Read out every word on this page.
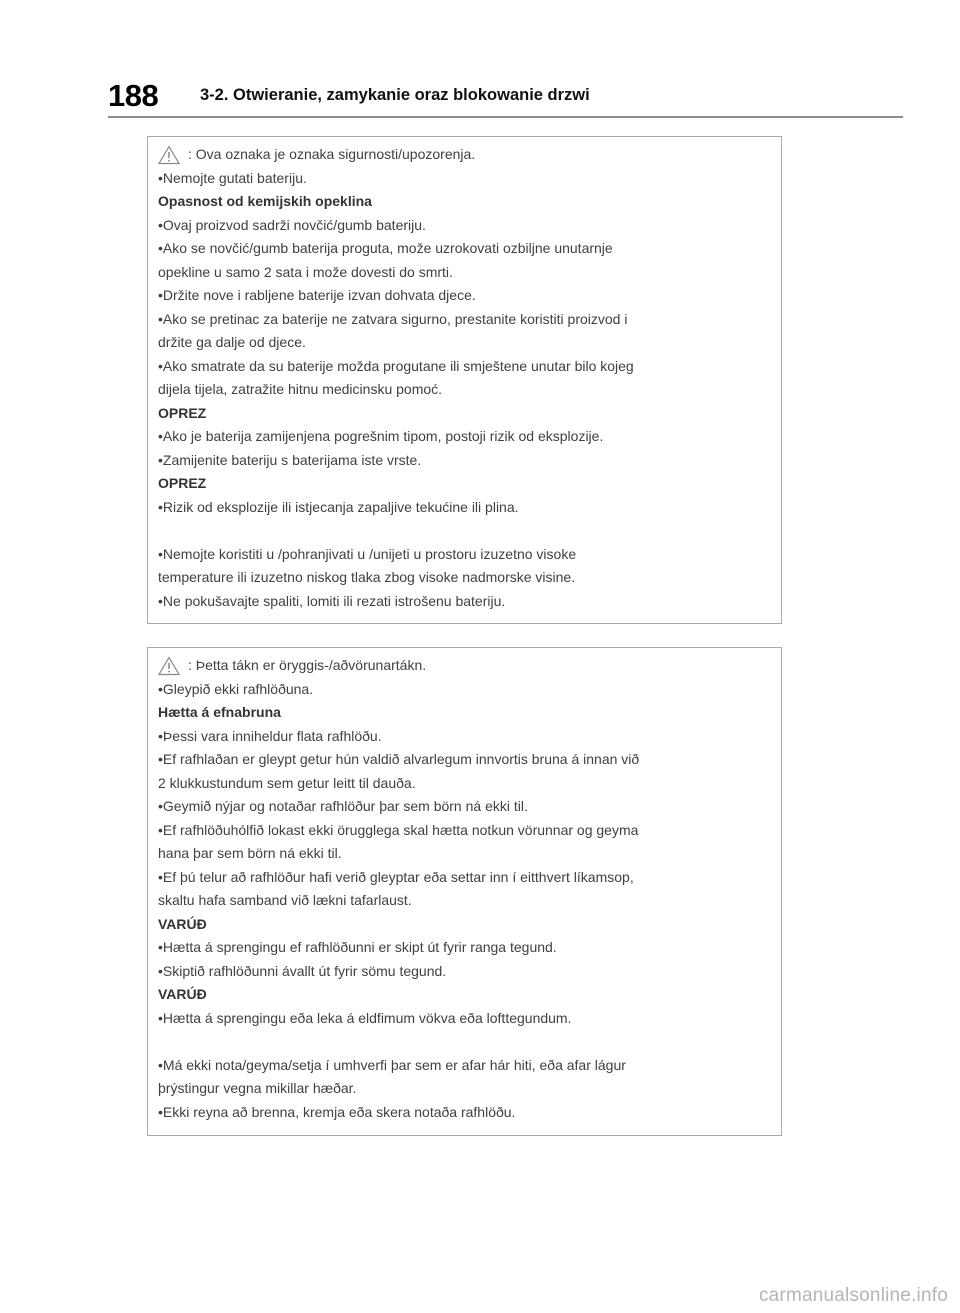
188	3-2. Otwieranie, zamykanie oraz blokowanie drzwi
: Ova oznaka je oznaka sigurnosti/upozorenja.
•Nemojte gutati bateriju.
Opasnost od kemijskih opeklina
•Ovaj proizvod sadrži novčić/gumb bateriju.
•Ako se novčić/gumb baterija proguta, može uzrokovati ozbiljne unutarnje
opekline u samo 2 sata i može dovesti do smrti.
•Držite nove i rabljene baterije izvan dohvata djece.
•Ako se pretinac za baterije ne zatvara sigurno, prestanite koristiti proizvod i
držite ga dalje od djece.
•Ako smatrate da su baterije možda progutane ili smještene unutar bilo kojeg
dijela tijela, zatražite hitnu medicinsku pomoć.
OPREZ
•Ako je baterija zamijenjena pogrešnim tipom, postoji rizik od eksplozije.
•Zamijenite bateriju s baterijama iste vrste.
OPREZ
•Rizik od eksplozije ili istjecanja zapaljive tekućine ili plina.
•Nemojte koristiti u /pohranjivati u /unijeti u prostoru izuzetno visoke
temperature ili izuzetno niskog tlaka zbog visoke nadmorske visine.
•Ne pokušavajte spaliti, lomiti ili rezati istrošenu bateriju.
: Þetta tákn er öryggis-/aðvörunartákn.
•Gleypið ekki rafhlöðuna.
Hætta á efnabruna
•Þessi vara inniheldur flata rafhlöðu.
•Ef rafhlaðan er gleypt getur hún valdið alvarlegum innvortis bruna á innan við
2 klukkustundum sem getur leitt til dauða.
•Geymið nýjar og notaðar rafhlöður þar sem börn ná ekki til.
•Ef rafhlöðuhólfið lokast ekki örugglega skal hætta notkun vörunnar og geyma
hana þar sem börn ná ekki til.
•Ef þú telur að rafhlöður hafi verið gleyptar eða settar inn í eitthvert líkamsop,
skaltu hafa samband við lækni tafarlaust.
VARÚÐ
•Hætta á sprengingu ef rafhlöðunni er skipt út fyrir ranga tegund.
•Skiptið rafhlöðunni ávallt út fyrir sömu tegund.
VARÚÐ
•Hætta á sprengingu eða leka á eldfimum vökva eða lofttegundum.
•Má ekki nota/geyma/setja í umhverfi þar sem er afar hár hiti, eða afar lágur
þrýstingur vegna mikillar hæðar.
•Ekki reyna að brenna, kremja eða skera notaða rafhlöðu.
carmanualsonline.info
